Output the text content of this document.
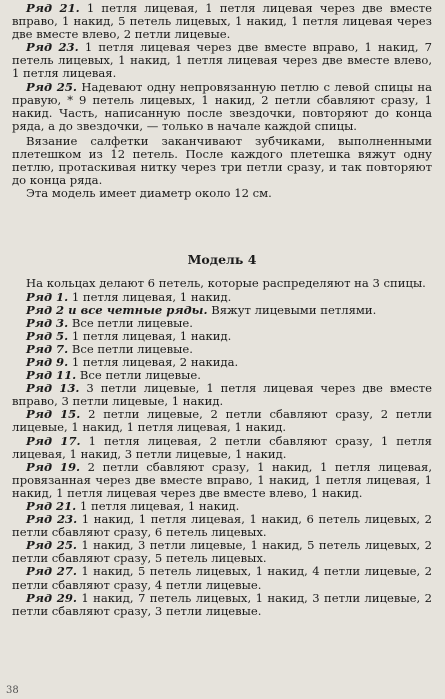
Ряд 21. 1 петля лицевая, 1 петля лицевая через две вместе вправо, 1 накид, 5 петель лицевых, 1 накид, 1 петля лицевая через две вместе влево, 2 петли лицевые.

Ряд 23. 1 петля лицевая через две вместе вправо, 1 накид, 7 петель лицевых, 1 накид, 1 петля лицевая через две вместе влево, 1 петля лицевая.

Ряд 25. Надевают одну непровязанную петлю с левой спицы на правую, * 9 петель лицевых, 1 накид, 2 петли сбавляют сразу, 1 накид. Часть, написанную после звездочки, повторяют до конца ряда, а до звездочки, — только в начале каждой спицы.

Вязание салфетки заканчивают зубчиками, выполненными плетешком из 12 петель. После каждого плетешка вяжут одну петлю, протаскивая нитку через три петли сразу, и так повторяют до конца ряда.

Эта модель имеет диаметр около 12 см.

Модель 4

На кольцах делают 6 петель, которые распределяют на 3 спицы.

Ряд 1. 1 петля лицевая, 1 накид.

Ряд 2 и все четные ряды. Вяжут лицевыми петлями.

Ряд 3. Все петли лицевые.

Ряд 5. 1 петля лицевая, 1 накид.

Ряд 7. Все петли лицевые.

Ряд 9. 1 петля лицевая, 2 накида.

Ряд 11. Все петли лицевые.

Ряд 13. 3 петли лицевые, 1 петля лицевая через две вместе вправо, 3 петли лицевые, 1 накид.

Ряд 15. 2 петли лицевые, 2 петли сбавляют сразу, 2 петли лицевые, 1 накид, 1 петля лицевая, 1 накид.

Ряд 17. 1 петля лицевая, 2 петли сбавляют сразу, 1 петля лицевая, 1 накид, 3 петли лицевые, 1 накид.

Ряд 19. 2 петли сбавляют сразу, 1 накид, 1 петля лицевая, провязанная через две вместе вправо, 1 накид, 1 петля лицевая, 1 накид, 1 петля лицевая через две вместе влево, 1 накид.

Ряд 21. 1 петля лицевая, 1 накид.

Ряд 23. 1 накид, 1 петля лицевая, 1 накид, 6 петель лицевых, 2 петли сбавляют сразу, 6 петель лицевых.

Ряд 25. 1 накид, 3 петли лицевые, 1 накид, 5 петель лицевых, 2 петли сбавляют сразу, 5 петель лицевых.

Ряд 27. 1 накид, 5 петель лицевых, 1 накид, 4 петли лицевые, 2 петли сбавляют сразу, 4 петли лицевые.

Ряд 29. 1 накид, 7 петель лицевых, 1 накид, 3 петли лицевые, 2 петли сбавляют сразу, 3 петли лицевые.

38
